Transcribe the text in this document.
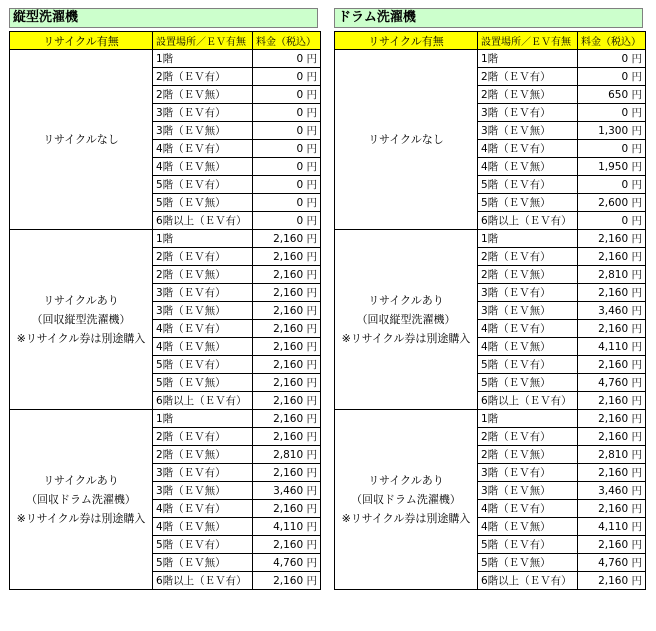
縦型洗濯機
リサイクル有無	設置場所／ＥＶ有無	料金（税込）

リサイクルなし	1階	0 円
	2階（ＥＶ有）	0 円
	2階（ＥＶ無）	0 円
	3階（ＥＶ有）	0 円
	3階（ＥＶ無）	0 円
	4階（ＥＶ有）	0 円
	4階（ＥＶ無）	0 円
	5階（ＥＶ有）	0 円
	5階（ＥＶ無）	0 円
	6階以上（ＥＶ有）	0 円

リサイクルあり
（回収縦型洗濯機）
※リサイクル券は別途購入	1階	2,160 円
	2階（ＥＶ有）	2,160 円
	2階（ＥＶ無）	2,160 円
	3階（ＥＶ有）	2,160 円
	3階（ＥＶ無）	2,160 円
	4階（ＥＶ有）	2,160 円
	4階（ＥＶ無）	2,160 円
	5階（ＥＶ有）	2,160 円
	5階（ＥＶ無）	2,160 円
	6階以上（ＥＶ有）	2,160 円

リサイクルあり
（回収ドラム洗濯機）
※リサイクル券は別途購入	1階	2,160 円
	2階（ＥＶ有）	2,160 円
	2階（ＥＶ無）	2,810 円
	3階（ＥＶ有）	2,160 円
	3階（ＥＶ無）	3,460 円
	4階（ＥＶ有）	2,160 円
	4階（ＥＶ無）	4,110 円
	5階（ＥＶ有）	2,160 円
	5階（ＥＶ無）	4,760 円
	6階以上（ＥＶ有）	2,160 円
ドラム洗濯機
リサイクル有無	設置場所／ＥＶ有無	料金（税込）

リサイクルなし	1階	0 円
	2階（ＥＶ有）	0 円
	2階（ＥＶ無）	650 円
	3階（ＥＶ有）	0 円
	3階（ＥＶ無）	1,300 円
	4階（ＥＶ有）	0 円
	4階（ＥＶ無）	1,950 円
	5階（ＥＶ有）	0 円
	5階（ＥＶ無）	2,600 円
	6階以上（ＥＶ有）	0 円

リサイクルあり
（回収縦型洗濯機）
※リサイクル券は別途購入	1階	2,160 円
	2階（ＥＶ有）	2,160 円
	2階（ＥＶ無）	2,810 円
	3階（ＥＶ有）	2,160 円
	3階（ＥＶ無）	3,460 円
	4階（ＥＶ有）	2,160 円
	4階（ＥＶ無）	4,110 円
	5階（ＥＶ有）	2,160 円
	5階（ＥＶ無）	4,760 円
	6階以上（ＥＶ有）	2,160 円

リサイクルあり
（回収ドラム洗濯機）
※リサイクル券は別途購入	1階	2,160 円
	2階（ＥＶ有）	2,160 円
	2階（ＥＶ無）	2,810 円
	3階（ＥＶ有）	2,160 円
	3階（ＥＶ無）	3,460 円
	4階（ＥＶ有）	2,160 円
	4階（ＥＶ無）	4,110 円
	5階（ＥＶ有）	2,160 円
	5階（ＥＶ無）	4,760 円
	6階以上（ＥＶ有）	2,160 円
